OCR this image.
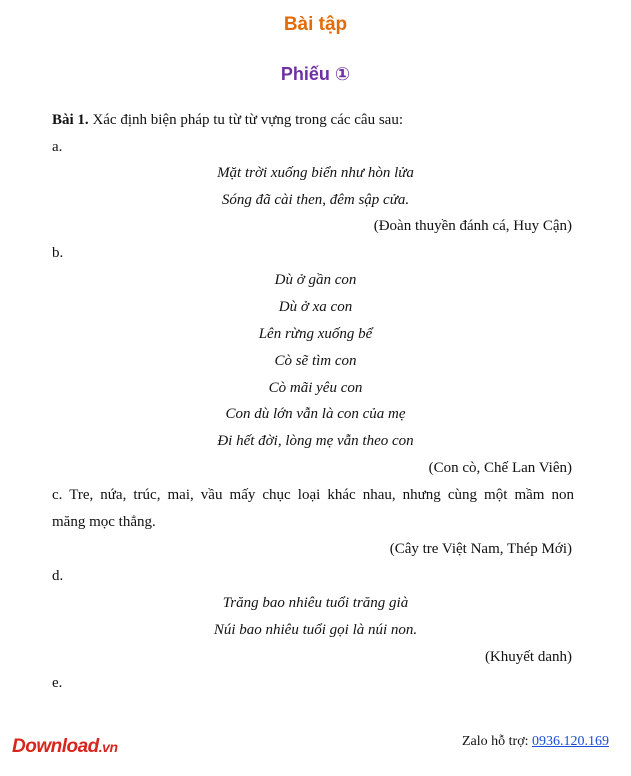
Bài tập
Phiếu ①
Bài 1. Xác định biện pháp tu từ từ vựng trong các câu sau:
a.
Mặt trời xuống biển như hòn lửa
Sóng đã cài then, đêm sập cửa.
(Đoàn thuyền đánh cá, Huy Cận)
b.
Dù ở gần con
Dù ở xa con
Lên rừng xuống bể
Cò sẽ tìm con
Cò mãi yêu con
Con dù lớn vẫn là con của mẹ
Đi hết đời, lòng mẹ vẫn theo con
(Con cò, Chế Lan Viên)
c. Tre, nứa, trúc, mai, vầu mấy chục loại khác nhau, nhưng cùng một mầm non
măng mọc thẳng.
(Cây tre Việt Nam, Thép Mới)
d.
Trăng bao nhiêu tuổi trăng già
Núi bao nhiêu tuổi gọi là núi non.
(Khuyết danh)
e.
Download.vn	Zalo hỗ trợ: 0936.120.169
